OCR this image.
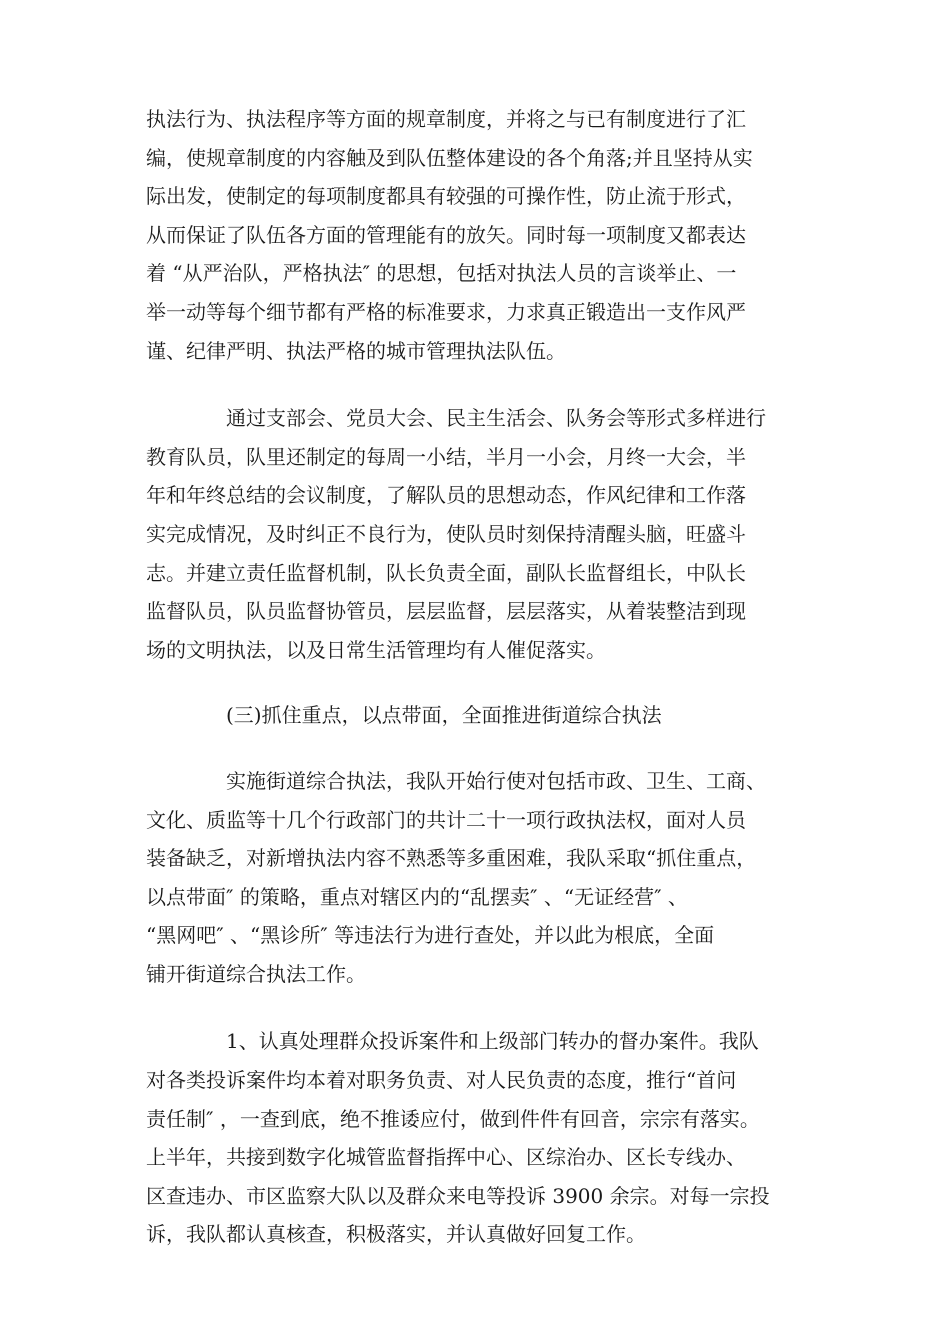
执法行为、执法程序等方面的规章制度，并将之与已有制度进行了汇
编，使规章制度的内容触及到队伍整体建设的各个角落;并且坚持从实
际出发，使制定的每项制度都具有较强的可操作性，防止流于形式，
从而保证了队伍各方面的管理能有的放矢。同时每一项制度又都表达
着 “从严治队，严格执法″ 的思想，包括对执法人员的言谈举止、一
举一动等每个细节都有严格的标准要求，力求真正锻造出一支作风严
谨、纪律严明、执法严格的城市管理执法队伍。
通过支部会、党员大会、民主生活会、队务会等形式多样进行
教育队员，队里还制定的每周一小结，半月一小会，月终一大会，半
年和年终总结的会议制度，了解队员的思想动态，作风纪律和工作落
实完成情况，及时纠正不良行为，使队员时刻保持清醒头脑，旺盛斗
志。并建立责任监督机制，队长负责全面，副队长监督组长，中队长
监督队员，队员监督协管员，层层监督，层层落实，从着装整洁到现
场的文明执法，以及日常生活管理均有人催促落实。
(三)抓住重点，以点带面，全面推进街道综合执法
实施街道综合执法，我队开始行使对包括市政、卫生、工商、
文化、质监等十几个行政部门的共计二十一项行政执法权，面对人员
装备缺乏，对新增执法内容不熟悉等多重困难，我队采取“抓住重点，
以点带面″ 的策略，重点对辖区内的“乱摆卖″ 、“无证经营″ 、
“黑网吧″ 、“黑诊所″ 等违法行为进行查处，并以此为根底，全面
铺开街道综合执法工作。
1、认真处理群众投诉案件和上级部门转办的督办案件。我队
对各类投诉案件均本着对职务负责、对人民负责的态度，推行“首问
责任制″ ，一查到底，绝不推诿应付，做到件件有回音，宗宗有落实。
上半年，共接到数字化城管监督指挥中心、区综治办、区长专线办、
区查违办、市区监察大队以及群众来电等投诉 3900 余宗。对每一宗投
诉，我队都认真核查，积极落实，并认真做好回复工作。
